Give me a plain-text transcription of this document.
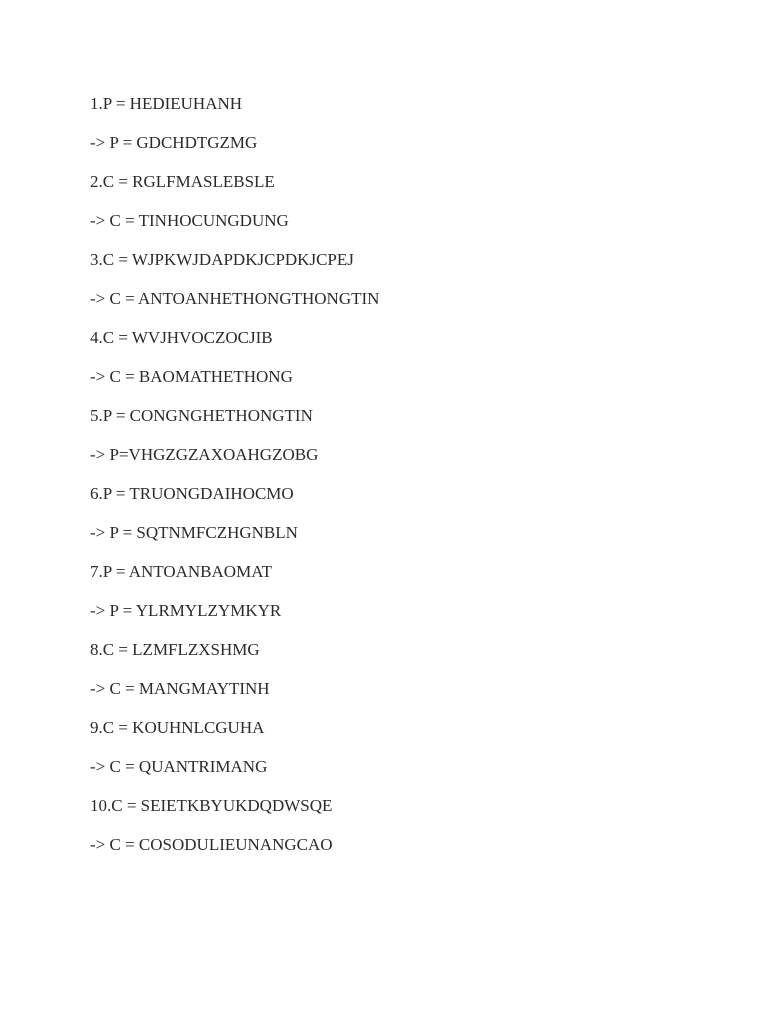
1.P = HEDIEUHANH
-> P = GDCHDTGZMG
2.C = RGLFMASLEBSLE
-> C = TINHOCUNGDUNG
3.C = WJPKWJDAPDKJCPDKJCPEJ
-> C = ANTOANHETHONGTHONGTIN
4.C = WVJHVOCZOCJIB
-> C = BAOMATHETHONG
5.P = CONGNGHETHONGTIN
-> P=VHGZGZAXOAHGZOBG
6.P = TRUONGDAIHOCMO
-> P = SQTNMFCZHGNBLN
7.P = ANTOANBAOMAT
-> P = YLRMYLZYMKYR
8.C = LZMFLZXSHMG
-> C = MANGMAYTINH
9.C = KOUHNLCGUHA
-> C = QUANTRIMANG
10.C = SEIETKBYUKDQDWSQE
-> C = COSODULIEUNANGCAO
